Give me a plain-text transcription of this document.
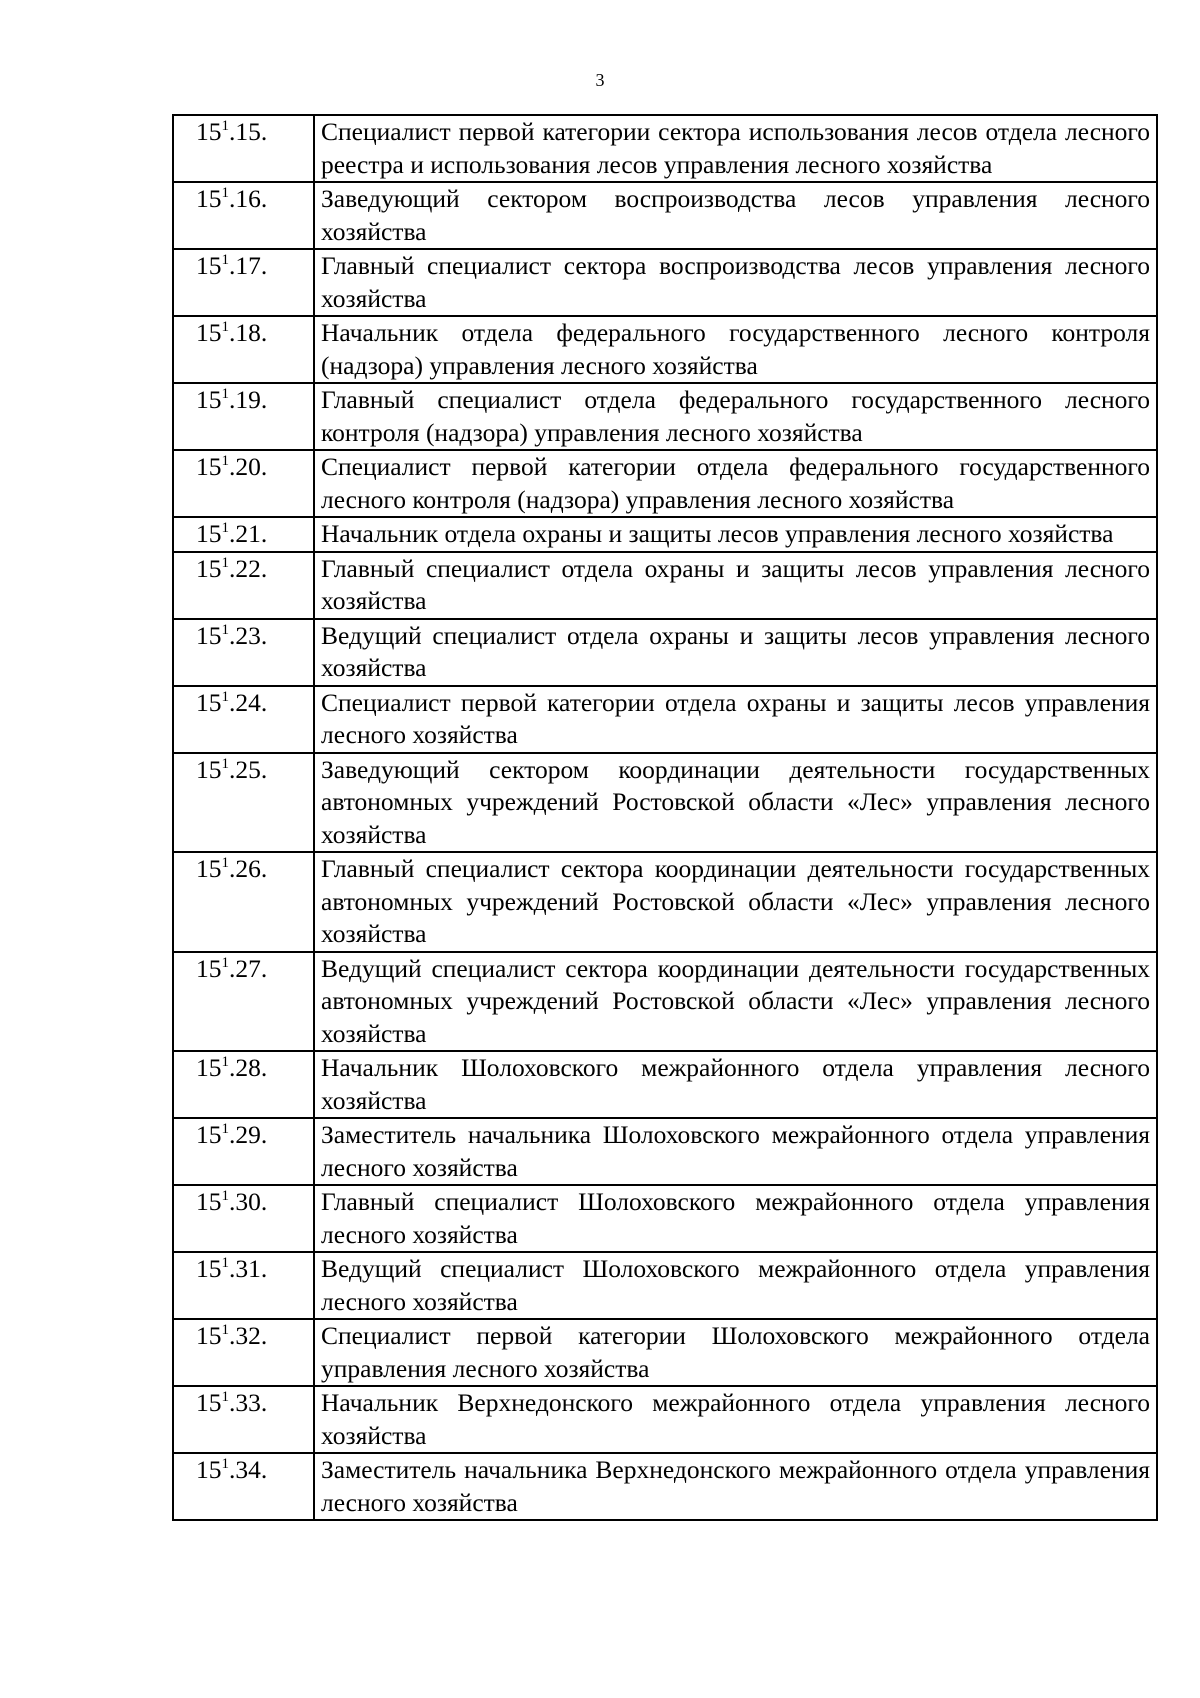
3
$15^1.15$.	Специалист первой категории сектора использования лесов отдела лесного реестра и использования лесов управления лесного хозяйства
$15^1.16$.	Заведующий сектором воспроизводства лесов управления лесного хозяйства
$15^1.17$.	Главный специалист сектора воспроизводства лесов управления лесного хозяйства
$15^1.18$.	Начальник отдела федерального государственного лесного контроля (надзора) управления лесного хозяйства
$15^1.19$.	Главный специалист отдела федерального государственного лесного контроля (надзора) управления лесного хозяйства
$15^1.20$.	Специалист первой категории отдела федерального государственного лесного контроля (надзора) управления лесного хозяйства
$15^1.21$.	Начальник отдела охраны и защиты лесов управления лесного хозяйства
$15^1.22$.	Главный специалист отдела охраны и защиты лесов управления лесного хозяйства
$15^1.23$.	Ведущий специалист отдела охраны и защиты лесов управления лесного хозяйства
$15^1.24$.	Специалист первой категории отдела охраны и защиты лесов управления лесного хозяйства
$15^1.25$.	Заведующий сектором координации деятельности государственных автономных учреждений Ростовской области «Лес» управления лесного хозяйства
$15^1.26$.	Главный специалист сектора координации деятельности государственных автономных учреждений Ростовской области «Лес» управления лесного хозяйства
$15^1.27$.	Ведущий специалист сектора координации деятельности государственных автономных учреждений Ростовской области «Лес» управления лесного хозяйства
$15^1.28$.	Начальник Шолоховского межрайонного отдела управления лесного хозяйства
$15^1.29$.	Заместитель начальника Шолоховского межрайонного отдела управления лесного хозяйства
$15^1.30$.	Главный специалист Шолоховского межрайонного отдела управления лесного хозяйства
$15^1.31$.	Ведущий специалист Шолоховского межрайонного отдела управления лесного хозяйства
$15^1.32$.	Специалист первой категории Шолоховского межрайонного отдела управления лесного хозяйства
$15^1.33$.	Начальник Верхнедонского межрайонного отдела управления лесного хозяйства
$15^1.34$.	Заместитель начальника Верхнедонского межрайонного отдела управления лесного хозяйства
